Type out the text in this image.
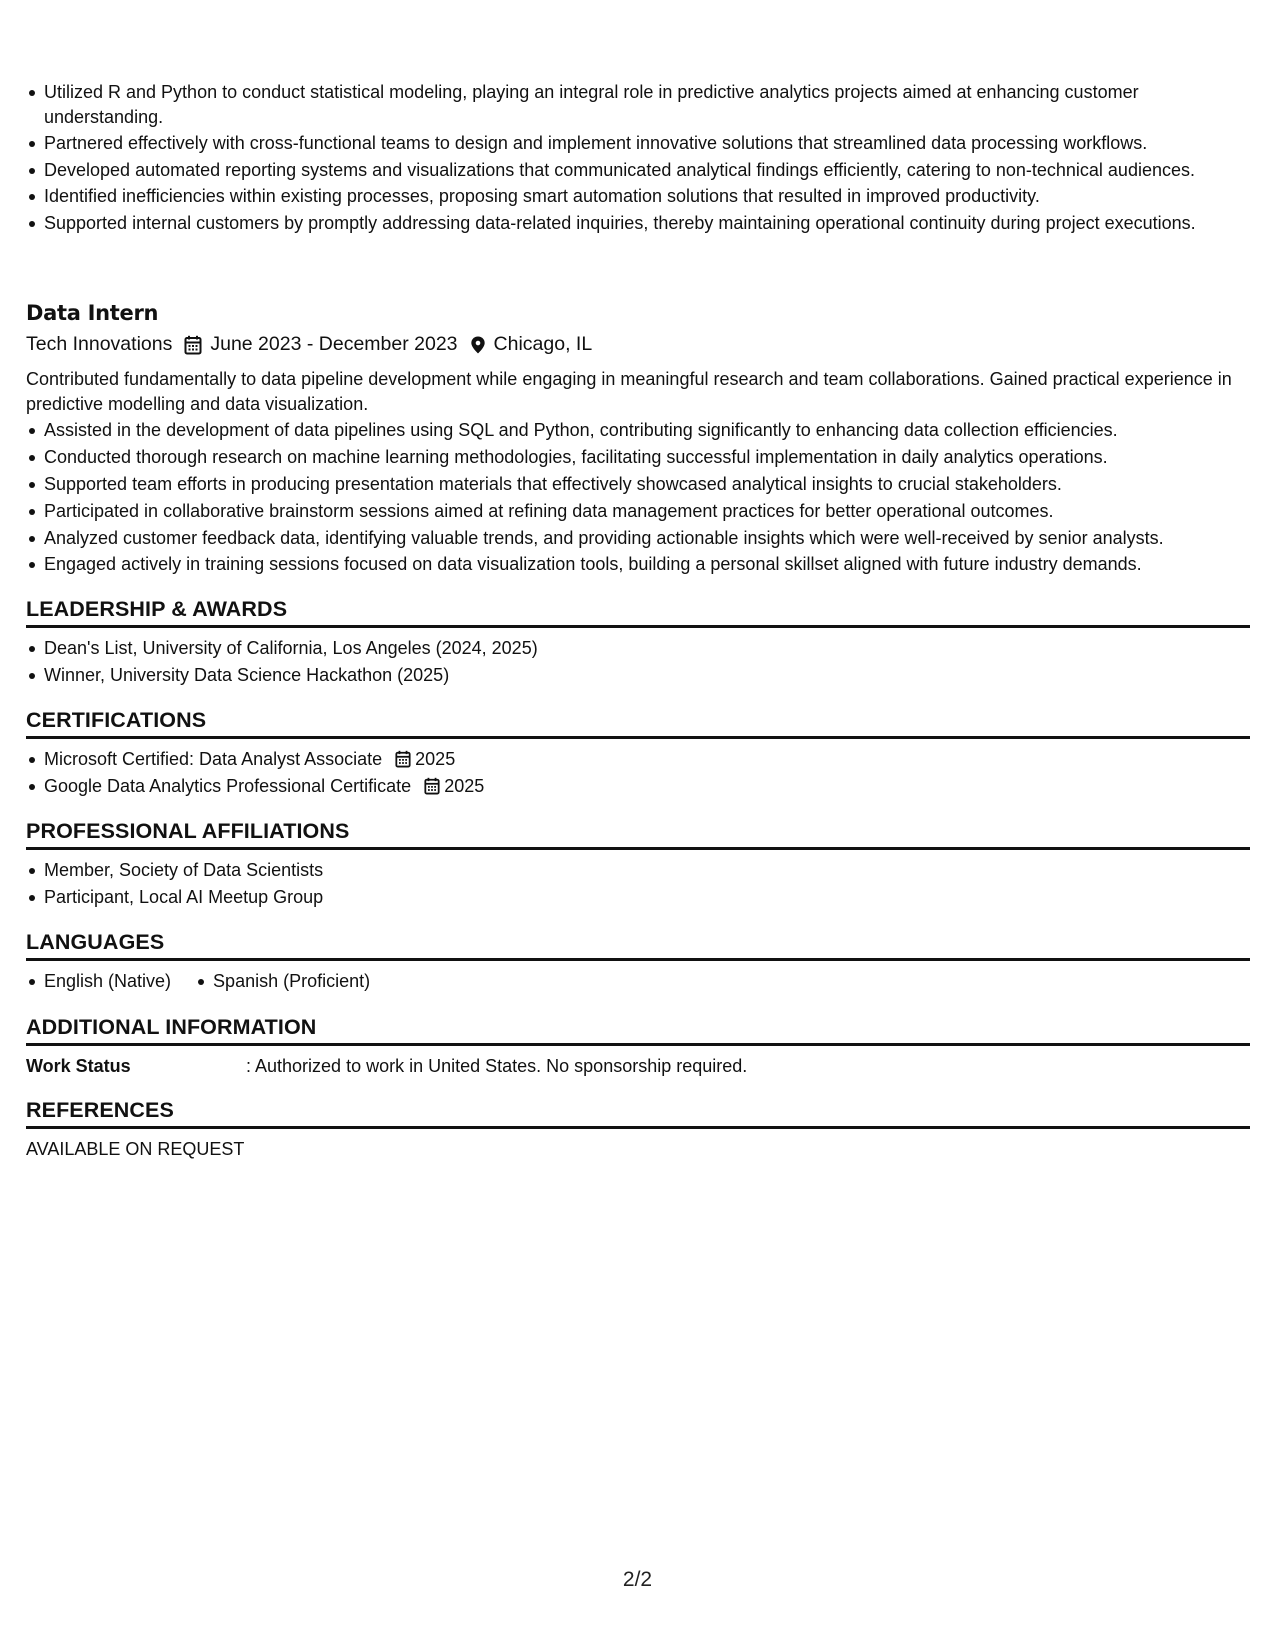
Utilized R and Python to conduct statistical modeling, playing an integral role in predictive analytics projects aimed at enhancing customer understanding.
Partnered effectively with cross-functional teams to design and implement innovative solutions that streamlined data processing workflows.
Developed automated reporting systems and visualizations that communicated analytical findings efficiently, catering to non-technical audiences.
Identified inefficiencies within existing processes, proposing smart automation solutions that resulted in improved productivity.
Supported internal customers by promptly addressing data-related inquiries, thereby maintaining operational continuity during project executions.
Data Intern
Tech Innovations June 2023 - December 2023 Chicago, IL
Contributed fundamentally to data pipeline development while engaging in meaningful research and team collaborations. Gained practical experience in predictive modelling and data visualization.
Assisted in the development of data pipelines using SQL and Python, contributing significantly to enhancing data collection efficiencies.
Conducted thorough research on machine learning methodologies, facilitating successful implementation in daily analytics operations.
Supported team efforts in producing presentation materials that effectively showcased analytical insights to crucial stakeholders.
Participated in collaborative brainstorm sessions aimed at refining data management practices for better operational outcomes.
Analyzed customer feedback data, identifying valuable trends, and providing actionable insights which were well-received by senior analysts.
Engaged actively in training sessions focused on data visualization tools, building a personal skillset aligned with future industry demands.
LEADERSHIP & AWARDS
Dean's List, University of California, Los Angeles (2024, 2025)
Winner, University Data Science Hackathon (2025)
CERTIFICATIONS
Microsoft Certified: Data Analyst Associate 2025
Google Data Analytics Professional Certificate 2025
PROFESSIONAL AFFILIATIONS
Member, Society of Data Scientists
Participant, Local AI Meetup Group
LANGUAGES
English (Native)	Spanish (Proficient)
ADDITIONAL INFORMATION
Work Status	: Authorized to work in United States. No sponsorship required.
REFERENCES
AVAILABLE ON REQUEST
2/2
